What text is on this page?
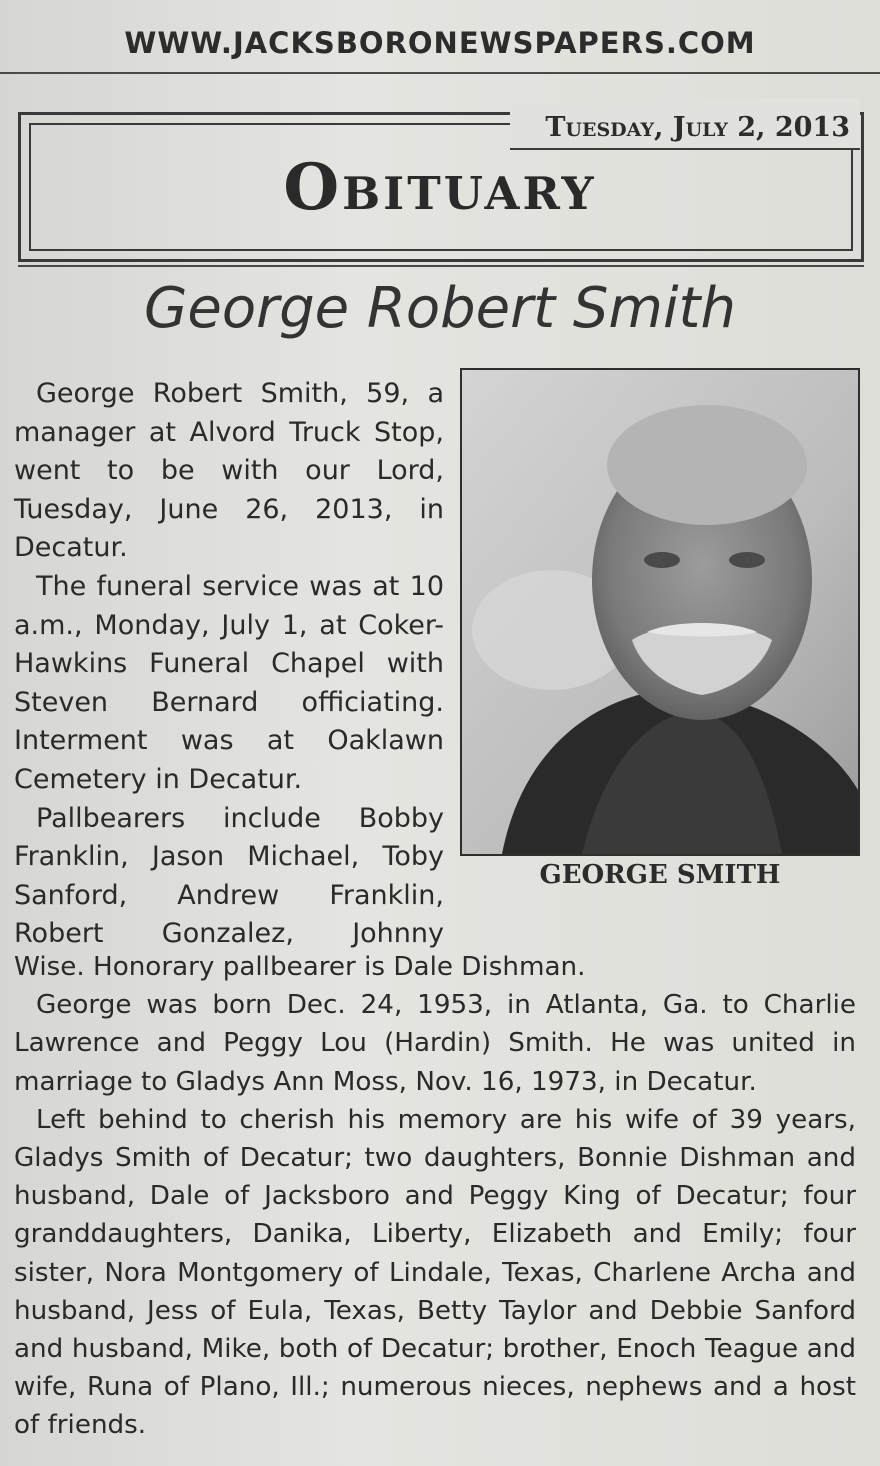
WWW.JACKSBORONEWSPAPERS.COM
Tuesday, July 2, 2013
Obituary
George Robert Smith

George Robert Smith, 59, a manager at Alvord Truck Stop, went to be with our Lord, Tuesday, June 26, 2013, in Decatur.

The funeral service was at 10 a.m., Monday, July 1, at Coker-Hawkins Funeral Chapel with Steven Bernard officiating. Interment was at Oaklawn Cemetery in Decatur.

Pallbearers include Bobby Franklin, Jason Michael, Toby Sanford, Andrew Franklin, Robert Gonzalez, Johnny

GEORGE SMITH
Wise. Honorary pallbearer is Dale Dishman.

George was born Dec. 24, 1953, in Atlanta, Ga. to Charlie Lawrence and Peggy Lou (Hardin) Smith. He was united in marriage to Gladys Ann Moss, Nov. 16, 1973, in Decatur.

Left behind to cherish his memory are his wife of 39 years, Gladys Smith of Decatur; two daughters, Bonnie Dishman and husband, Dale of Jacksboro and Peggy King of Decatur; four granddaughters, Danika, Liberty, Elizabeth and Emily; four sister, Nora Montgomery of Lindale, Texas, Charlene Archa and husband, Jess of Eula, Texas, Betty Taylor and Debbie Sanford and husband, Mike, both of Decatur; brother, Enoch Teague and wife, Runa of Plano, Ill.; numerous nieces, nephews and a host of friends.
